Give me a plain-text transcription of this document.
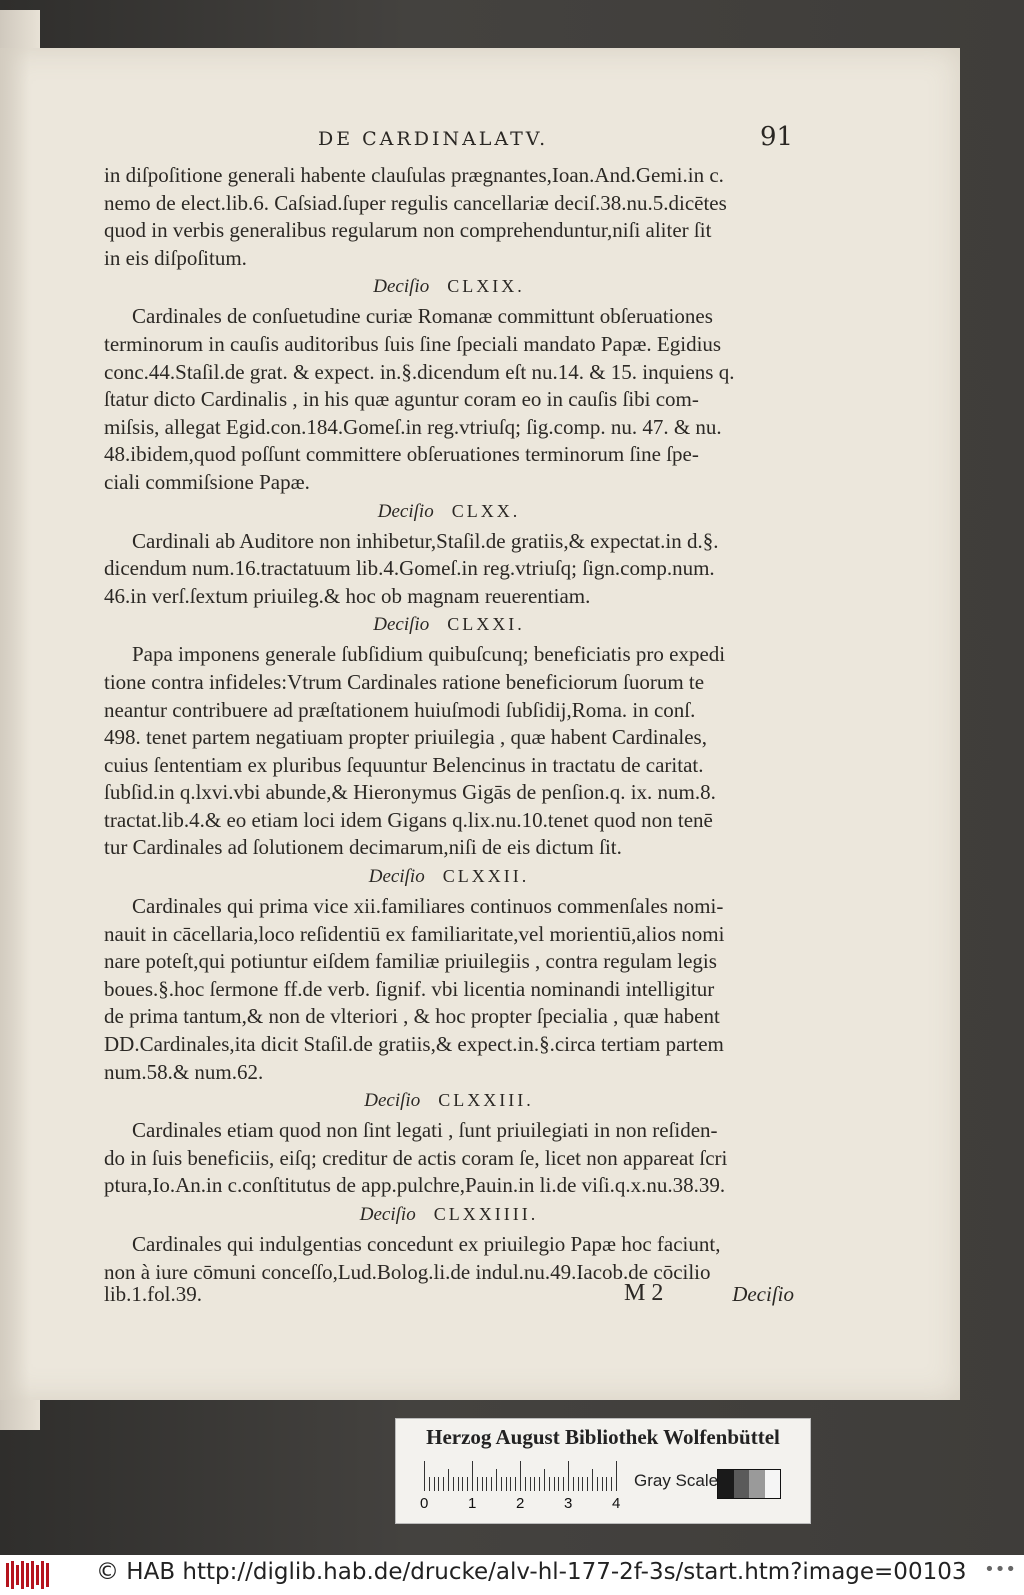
DE CARDINALATV.	91
in diſpoſitione generali habente clauſulas prægnantes,Ioan.And.Gemi.in c.
nemo de elect.lib.6. Caſsiad.ſuper regulis cancellariæ deciſ.38.nu.5.dicētes
quod in verbis generalibus regularum non comprehenduntur,niſi aliter ſit
in eis diſpoſitum.
Deciſio CLXIX.
Cardinales de conſuetudine curiæ Romanæ committunt obſeruationes
terminorum in cauſis auditoribus ſuis ſine ſpeciali mandato Papæ. Egidius
conc.44.Staſil.de grat. & expect. in.§.dicendum eſt nu.14. & 15. inquiens q.
ſtatur dicto Cardinalis , in his quæ aguntur coram eo in cauſis ſibi com-
miſsis, allegat Egid.con.184.Gomeſ.in reg.vtriuſq; ſig.comp. nu. 47. & nu.
48.ibidem,quod poſſunt committere obſeruationes terminorum ſine ſpe-
ciali commiſsione Papæ.
Deciſio CLXX.
Cardinali ab Auditore non inhibetur,Staſil.de gratiis,& expectat.in d.§.
dicendum num.16.tractatuum lib.4.Gomeſ.in reg.vtriuſq; ſign.comp.num.
46.in verſ.ſextum priuileg.& hoc ob magnam reuerentiam.
Deciſio CLXXI.
Papa imponens generale ſubſidium quibuſcunq; beneficiatis pro expedi
tione contra infideles:Vtrum Cardinales ratione beneficiorum ſuorum te
neantur contribuere ad præſtationem huiuſmodi ſubſidij,Roma. in conſ.
498. tenet partem negatiuam propter priuilegia , quæ habent Cardinales,
cuius ſententiam ex pluribus ſequuntur Belencinus in tractatu de caritat.
ſubſid.in q.lxvi.vbi abunde,& Hieronymus Gigās de penſion.q. ix. num.8.
tractat.lib.4.& eo etiam loci idem Gigans q.lix.nu.10.tenet quod non tenē
tur Cardinales ad ſolutionem decimarum,niſi de eis dictum ſit.
Deciſio CLXXII.
Cardinales qui prima vice xii.familiares continuos commenſales nomi-
nauit in cācellaria,loco reſidentiū ex familiaritate,vel morientiū,alios nomi
nare poteſt,qui potiuntur eiſdem familiæ priuilegiis , contra regulam legis
boues.§.hoc ſermone ff.de verb. ſignif. vbi licentia nominandi intelligitur
de prima tantum,& non de vlteriori , & hoc propter ſpecialia , quæ habent
DD.Cardinales,ita dicit Staſil.de gratiis,& expect.in.§.circa tertiam partem
num.58.& num.62.
Deciſio CLXXIII.
Cardinales etiam quod non ſint legati , ſunt priuilegiati in non reſiden-
do in ſuis beneficiis, eiſq; creditur de actis coram ſe, licet non appareat ſcri
ptura,Io.An.in c.conſtitutus de app.pulchre,Pauin.in li.de viſi.q.x.nu.38.39.
Deciſio CLXXIIII.
Cardinales qui indulgentias concedunt ex priuilegio Papæ hoc faciunt,
non à iure cōmuni conceſſo,Lud.Bolog.li.de indul.nu.49.Iacob.de cōcilio
lib.1.fol.39.	M 2	Deciſio
Herzog August Bibliothek Wolfenbüttel
0	1	2	3	4
Gray Scale
© HAB http://diglib.hab.de/drucke/alv-hl-177-2f-3s/start.htm?image=00103 •••
